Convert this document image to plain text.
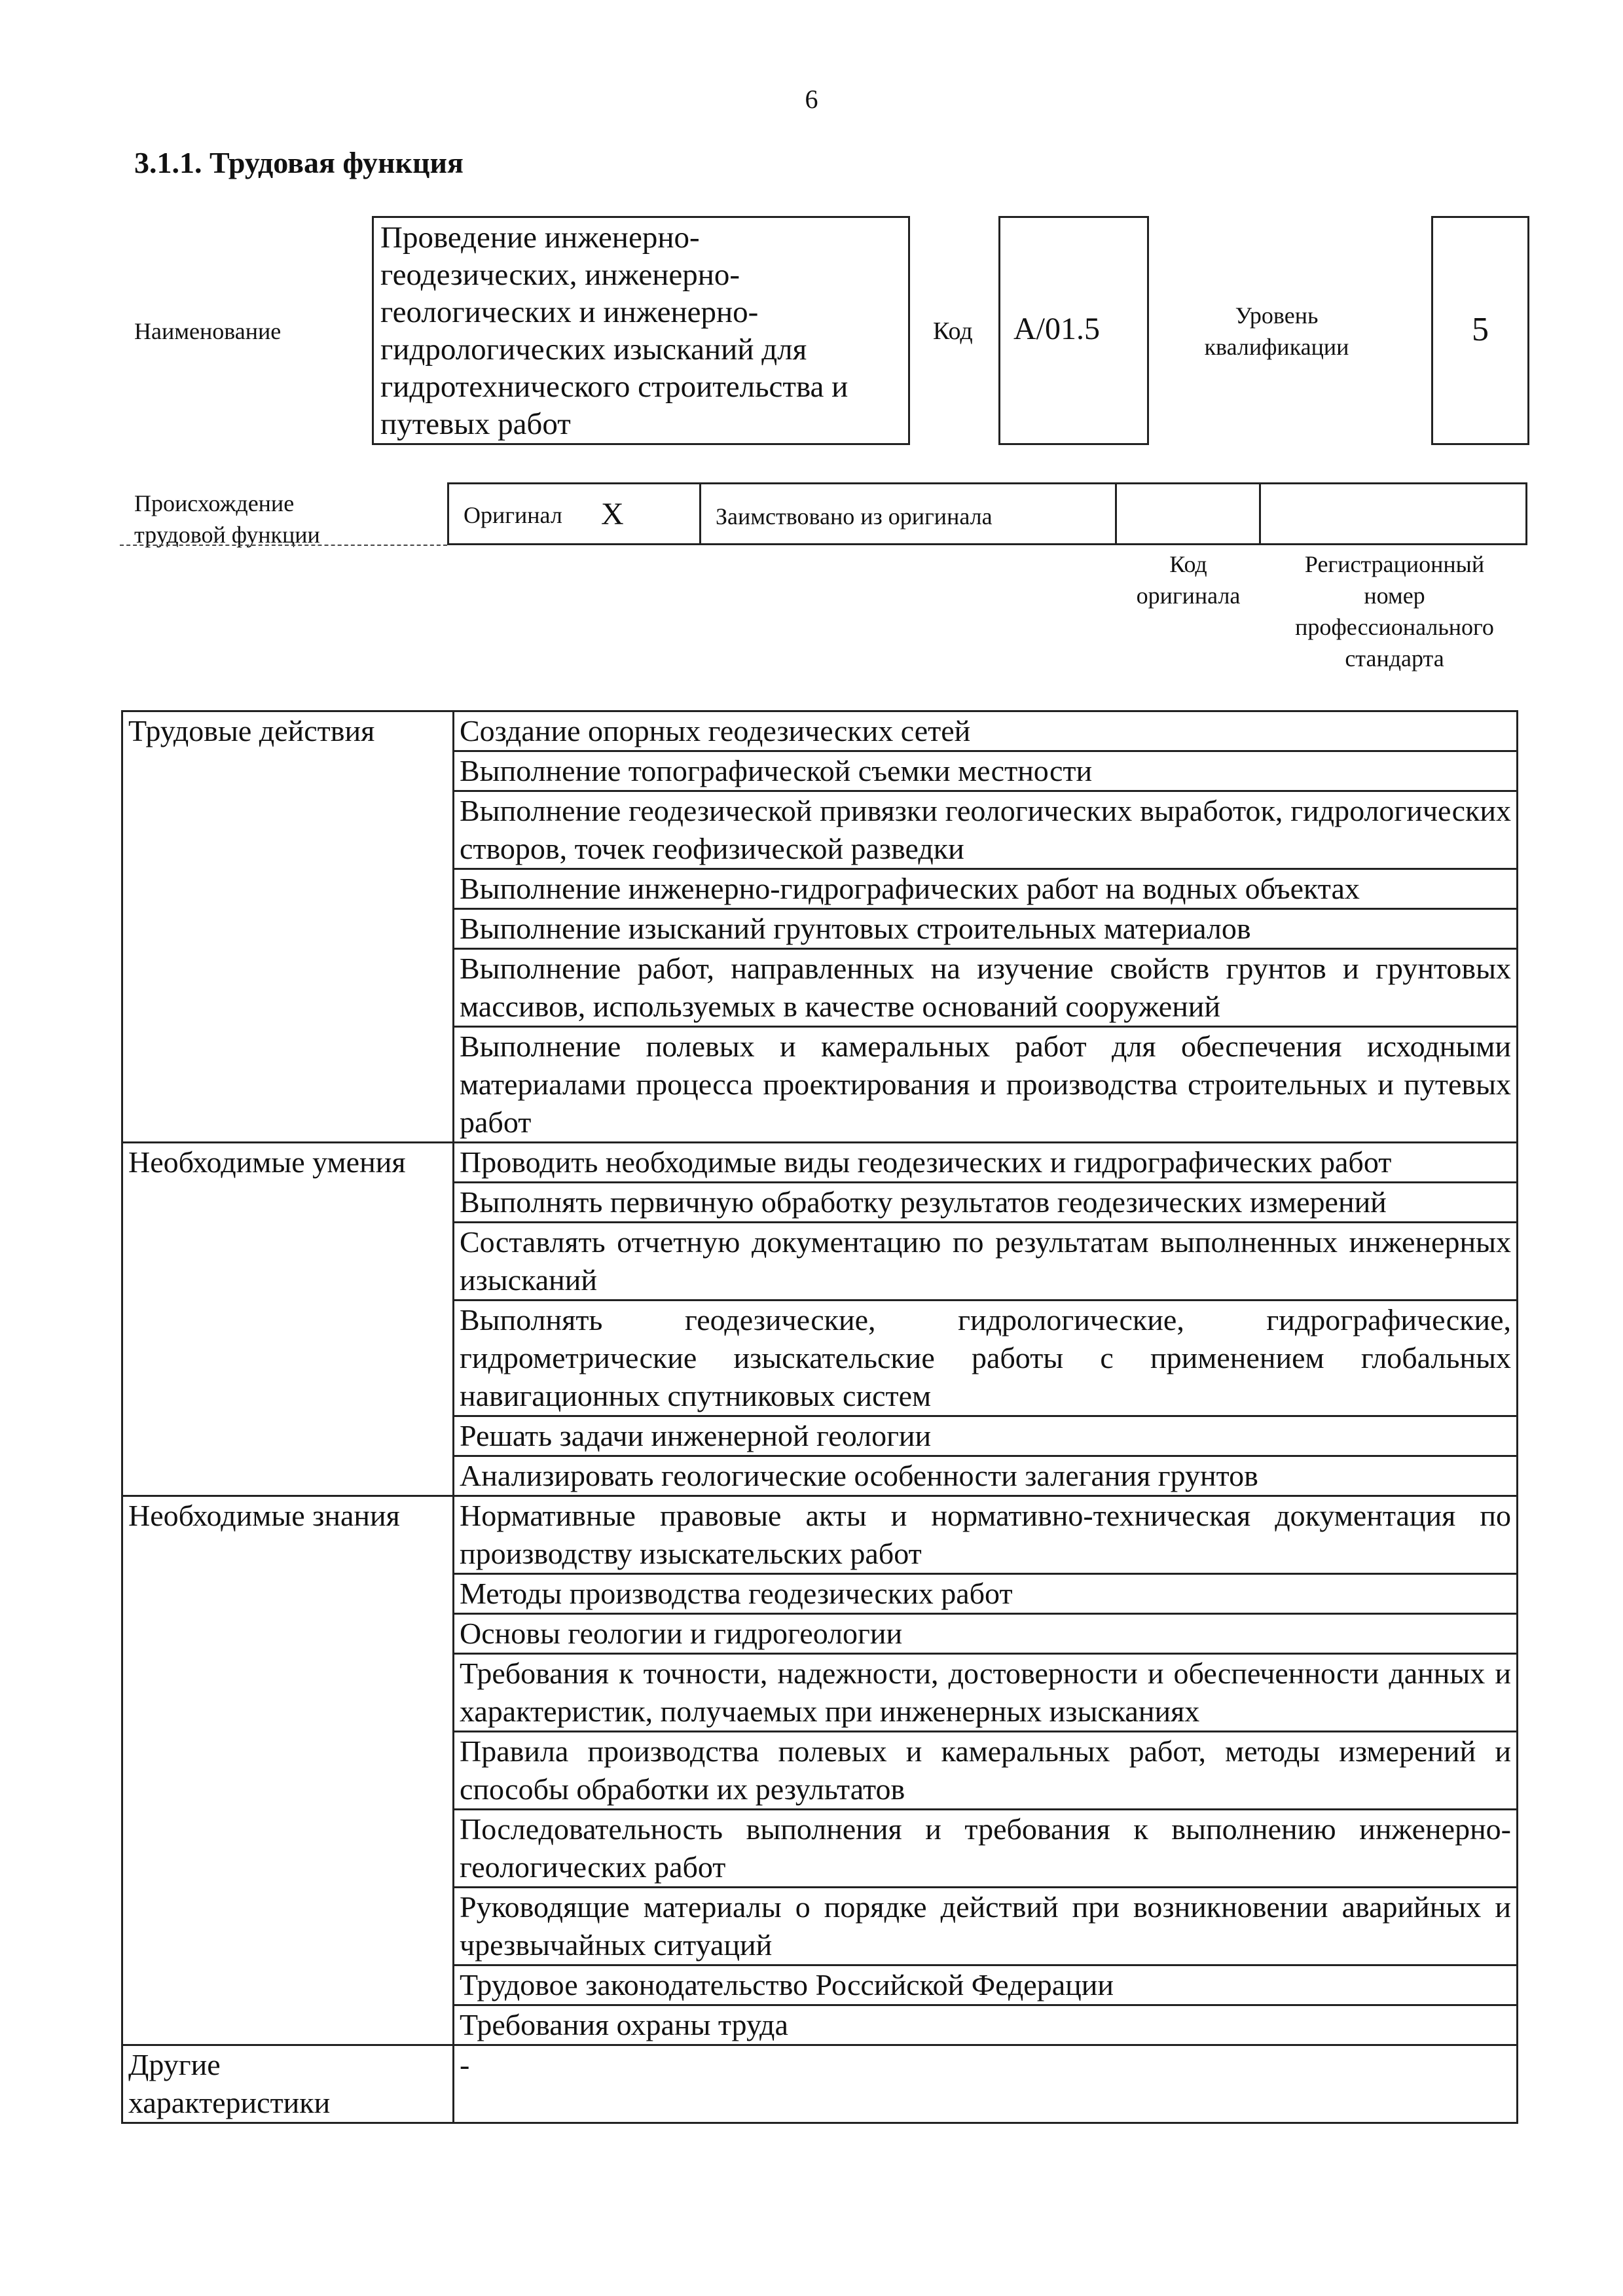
6
3.1.1. Трудовая функция
Наименование
Проведение инженерно-
геодезических, инженерно-
геологических и инженерно-
гидрологических изысканий для
гидротехнического строительства и
путевых работ
Код А/01.5	Уровень
квалификации	5
Происхождение
трудовой функции
Оригинал X	Заимствовано из оригинала
Код
оригинала
Регистрационный
номер
профессионального
стандарта
Трудовые действия	Создание опорных геодезических сетей
	Выполнение топографической съемки местности
	Выполнение геодезической привязки геологических выработок, гидрологических створов, точек геофизической разведки
	Выполнение инженерно-гидрографических работ на водных объектах
	Выполнение изысканий грунтовых строительных материалов
	Выполнение работ, направленных на изучение свойств грунтов и грунтовых массивов, используемых в качестве оснований сооружений
	Выполнение полевых и камеральных работ для обеспечения исходными материалами процесса проектирования и производства строительных и путевых работ
Необходимые умения	Проводить необходимые виды геодезических и гидрографических работ
	Выполнять первичную обработку результатов геодезических измерений
	Составлять отчетную документацию по результатам выполненных инженерных изысканий
	Выполнять геодезические, гидрологические, гидрографические, гидрометрические изыскательские работы с применением глобальных навигационных спутниковых систем
	Решать задачи инженерной геологии
	Анализировать геологические особенности залегания грунтов
Необходимые знания	Нормативные правовые акты и нормативно-техническая документация по производству изыскательских работ
	Методы производства геодезических работ
	Основы геологии и гидрогеологии
	Требования к точности, надежности, достоверности и обеспеченности данных и характеристик, получаемых при инженерных изысканиях
	Правила производства полевых и камеральных работ, методы измерений и способы обработки их результатов
	Последовательность выполнения и требования к выполнению инженерно-геологических работ
	Руководящие материалы о порядке действий при возникновении аварийных и чрезвычайных ситуаций
	Трудовое законодательство Российской Федерации
	Требования охраны труда

Другие
характеристики	-
